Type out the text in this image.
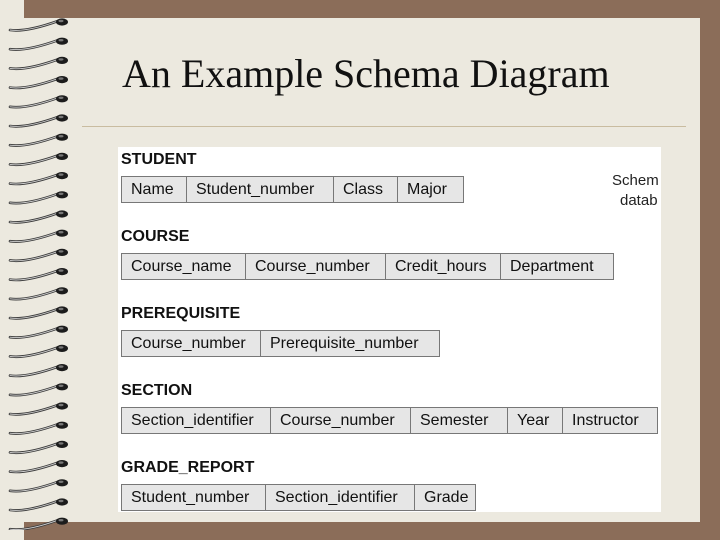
An Example Schema Diagram
STUDENT
Name	Student_number	Class	Major
COURSE
Course_name	Course_number	Credit_hours	Department
PREREQUISITE
Course_number	Prerequisite_number
SECTION
Section_identifier	Course_number	Semester	Year	Instructor
GRADE_REPORT
Student_number	Section_identifier	Grade
Schem
datab
